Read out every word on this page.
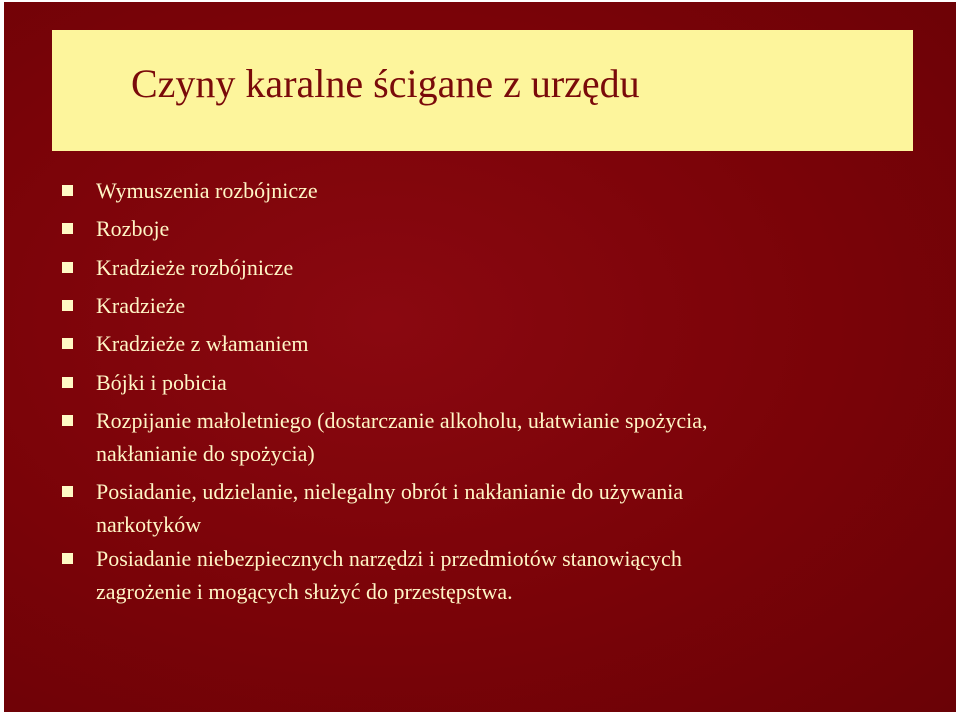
Czyny karalne ścigane z urzędu
Wymuszenia rozbójnicze
Rozboje
Kradzieże rozbójnicze
Kradzieże
Kradzieże z włamaniem
Bójki i pobicia
Rozpijanie małoletniego (dostarczanie alkoholu, ułatwianie spożycia,
nakłanianie do spożycia)
Posiadanie, udzielanie, nielegalny obrót i nakłanianie do używania
narkotyków
Posiadanie niebezpiecznych narzędzi i przedmiotów stanowiących
zagrożenie i mogących służyć do przestępstwa.
